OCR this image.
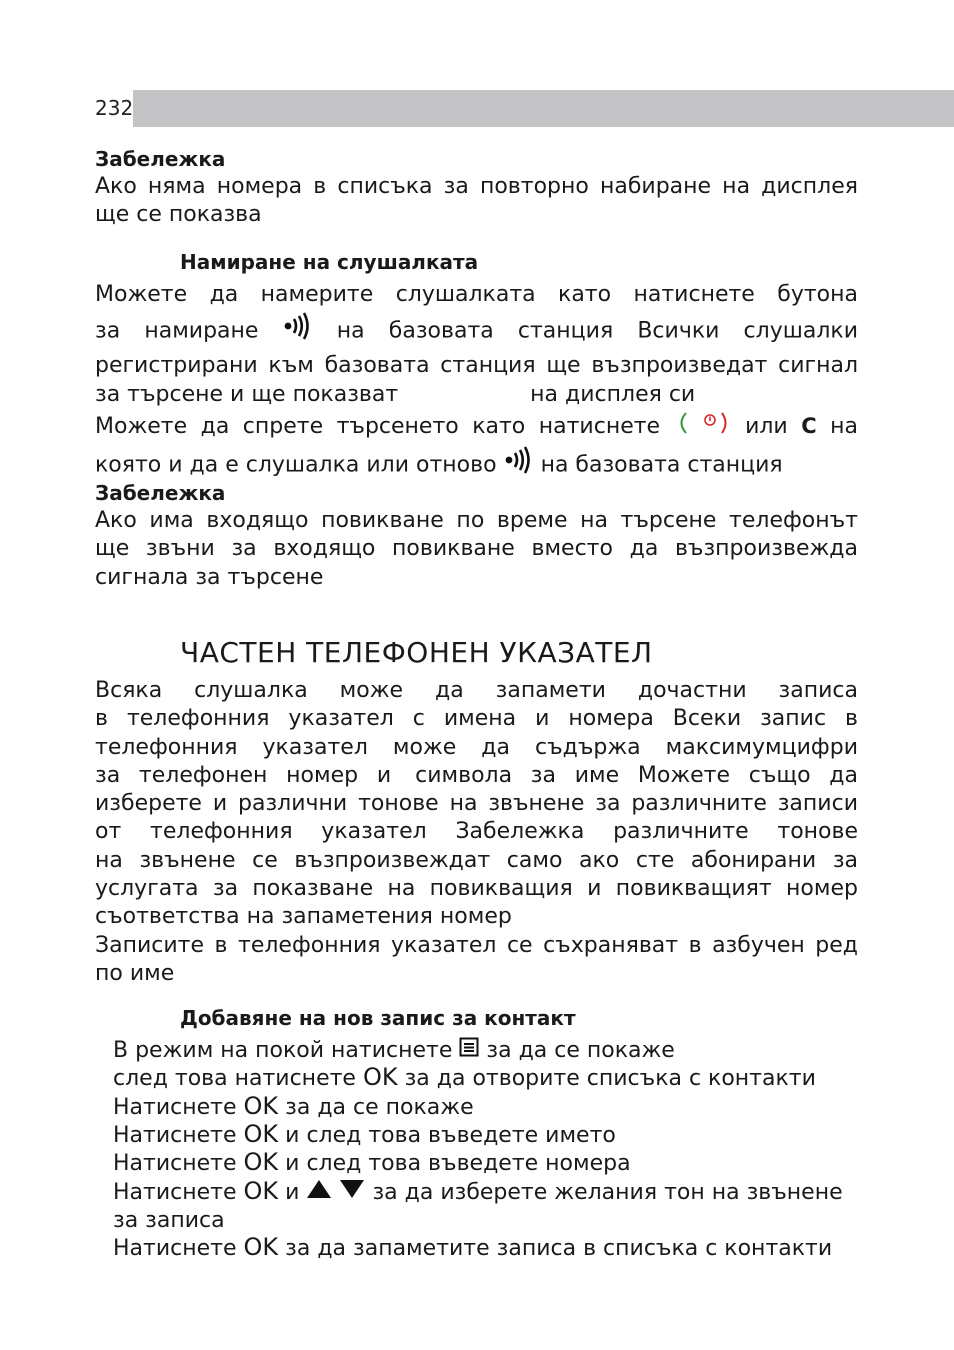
232
Забележка
Ако няма номера в списъка за повторно набиране на дисплея
ще се показва
Намиране на слушалката
Можете да намерите слушалката като натиснете бутона
за намиране	на базовата станция Всички слушалки
регистрирани към базовата станция ще възпроизведат сигнал
за търсене и ще показват	на дисплея си
Можете да спрете търсенето като натиснете	или C на
която и да е слушалка или отново на базовата станция
Забележка
Ако има входящо повикване по време на търсене телефонът
ще звъни за входящо повикване вместо да възпроизвежда
сигнала за търсене
ЧАСТЕН ТЕЛЕФОНЕН УКАЗАТЕЛ
Всяка слушалка може да запамети дочастни записа
в телефонния указател с имена и номера Всеки запис в
телефонния указател може да съдържа максимумцифри
за телефонен номер и символа за име Можете също да
изберете и различни тонове на звънене за различните записи
от телефонния указател Забележка различните тонове
на звънене се възпроизвеждат само ако сте абонирани за
услугата за показване на повикващия и повикващият номер
съответства на запаметения номер
Записите в телефонния указател се съхраняват в азбучен ред
по име
Добавяне на нов запис за контакт
В режим на покой натиснете за да се покаже
след това натиснете OK за да отворите списъка с контакти
Натиснете OK за да се покаже
Натиснете OK и след това въведете името
Натиснете OK и след това въведете номера
Натиснете OK и	за да изберете желания тон на звънене
за записа
Натиснете OK за да запаметите записа в списъка с контакти
